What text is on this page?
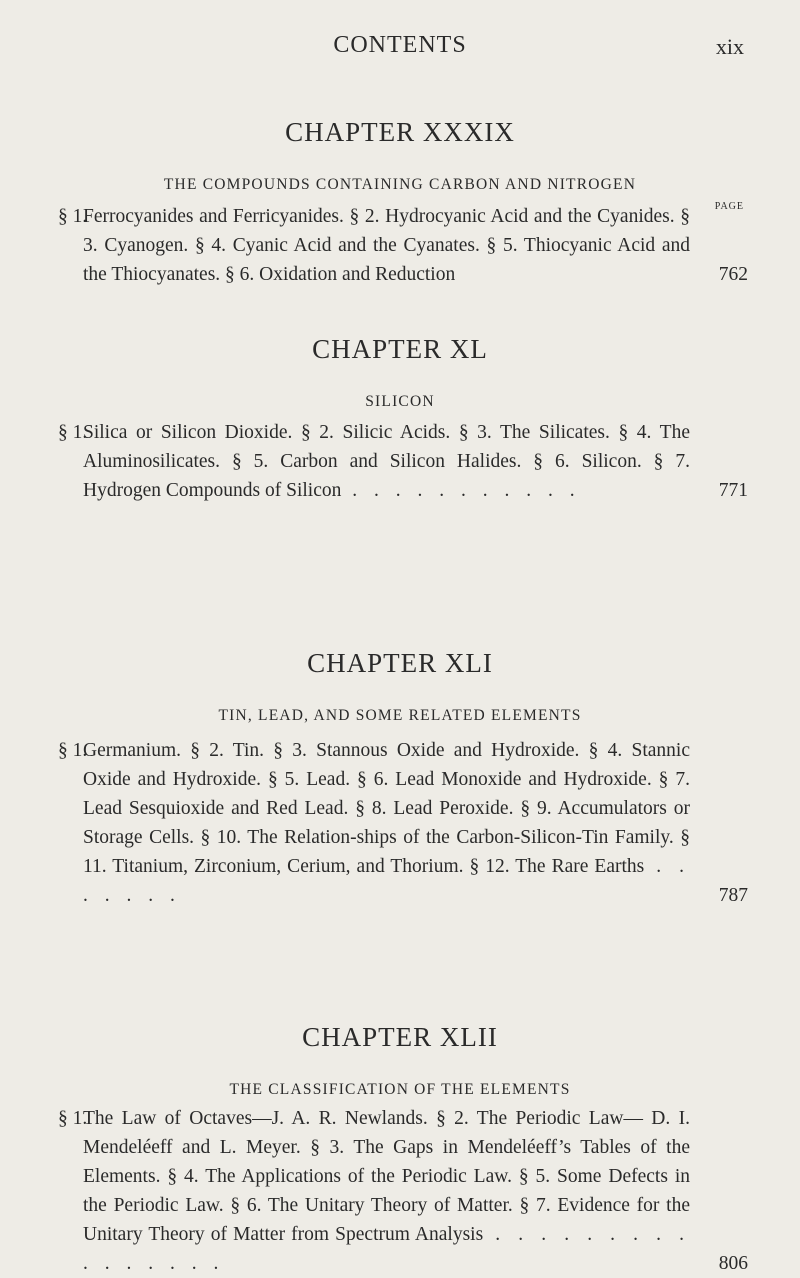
CONTENTS	xix
CHAPTER XXXIX
THE COMPOUNDS CONTAINING CARBON AND NITROGEN
PAGE
§ 1.
Ferrocyanides and Ferricyanides. § 2. Hydrocyanic Acid and the Cyanides. § 3. Cyanogen. § 4. Cyanic Acid and the Cyanates. § 5. Thiocyanic Acid and the Thiocyanates. § 6. Oxidation and Reduction	762
CHAPTER XL
SILICON
§ 1.
Silica or Silicon Dioxide. § 2. Silicic Acids. § 3. The Silicates. § 4. The Aluminosilicates. § 5. Carbon and Silicon Halides. § 6. Silicon. § 7. Hydrogen Compounds of Silicon . . . . . . . . . . .	771
CHAPTER XLI
TIN, LEAD, AND SOME RELATED ELEMENTS
§ 1.
Germanium. § 2. Tin. § 3. Stannous Oxide and Hydroxide. § 4. Stannic Oxide and Hydroxide. § 5. Lead. § 6. Lead Monoxide and Hydroxide. § 7. Lead Sesquioxide and Red Lead. § 8. Lead Peroxide. § 9. Accumulators or Storage Cells. § 10. The Relation-ships of the Carbon-Silicon-Tin Family. § 11. Titanium, Zirconium, Cerium, and Thorium. § 12. The Rare Earths . . . . . . .	787
CHAPTER XLII
THE CLASSIFICATION OF THE ELEMENTS
§ 1.
The Law of Octaves—J. A. R. Newlands. § 2. The Periodic Law— D. I. Mendeléeff and L. Meyer. § 3. The Gaps in Mendeléeff’s Tables of the Elements. § 4. The Applications of the Periodic Law. § 5. Some Defects in the Periodic Law. § 6. The Unitary Theory of Matter. § 7. Evidence for the Unitary Theory of Matter from Spectrum Analysis . . . . . . . . . . . . . . . .	806
